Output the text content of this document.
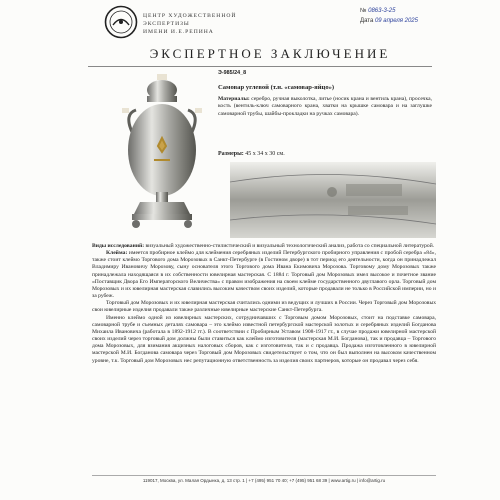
ЦЕНТР ХУДОЖЕСТВЕННОЙ
ЭКСПЕРТИЗЫ
ИМЕНИ И.Е.РЕПИНА
№ 0863-3-25
Дата 09 апреля 2025
ЭКСПЕРТНОЕ ЗАКЛЮЧЕНИЕ
Э-985/24_8
Самовар углевой (т.н. «самовар-яйцо»)
Материалы: серебро, ручная выколотка, литье (носик крана и вентиль крана), просечка, кость (вентиль-ключ самоварного крана, хватки на крышке самовара и на заглушке самоварной трубы, шайбы-прокладки на ручках самовара).
Размеры: 45 х 34 х 30 см.

Виды исследований: визуальный художественно-стилистический и визуальный технологический анализ, работа со специальной литературой.

Клейма: имеется пробирное клеймо для клеймения серебряных изделий Петербургского пробирного управления с пробой серебра «84», также стоит клеймо Торгового дома Морозовых в Санкт-Петербурге (в Гостином дворе) в тот период его деятельности, когда он принадлежал Владимиру Ивановичу Морозову, сыну основателя этого Торгового дома Ивана Екимовича Морозова. Торговому дому Морозовых также принадлежала находящаяся в их собственности ювелирная мастерская. С 1884 г. Торговый дом Морозовых имел высокое и почетное звание «Поставщик Двора Его Императорского Величества» с правом изображения на своем клейме государственного двуглавого орла. Торговый дом Морозовых и их ювелирная мастерская славились высоким качеством своих изделий, которые продавали не только в Российской империи, но и за рубеж.

Торговый дом Морозовых и их ювелирная мастерская считались одними из ведущих и лучших в России. Через Торговый дом Морозовых свои ювелирные изделия продавали также различные ювелирные мастерские Санкт-Петербурга.

Именно клеймо одной из ювелирных мастерских, сотрудничавших с Торговым домом Морозовых, стоит на подставке самовара, самоварной трубе и съемных деталях самовара – это клеймо известной петербургской мастерской золотых и серебряных изделий Богданова Михаила Ивановича (работала в 1892-1912 гг.). В соответствии с Пробирным Уставом 1908-1917 гг., в случае продажи ювелирной мастерской своих изделий через торговый дом должны были ставиться как клеймо изготовителя (мастерская М.И. Богданова), так и продавца – Торгового дома Морозовых, для взимания акцизных налоговых сборов, как с изготовителя, так и с продавца. Продажа изготовленного в ювелирной мастерской М.И. Богданова самовара через Торговый дом Морозовых свидетельствует о том, что он был выполнен на высоком качественном уровне, т.к. Торговый дом Морозовых нес репутационную ответственность за изделия своих партнеров, которые он продавал через себя.

119017, Москва, ул. Малая Ордынка, д. 13 стр. 1 | +7 (495) 951 70 40; +7 (495) 951 68 39 | www.artig.ru | info@artig.ru
